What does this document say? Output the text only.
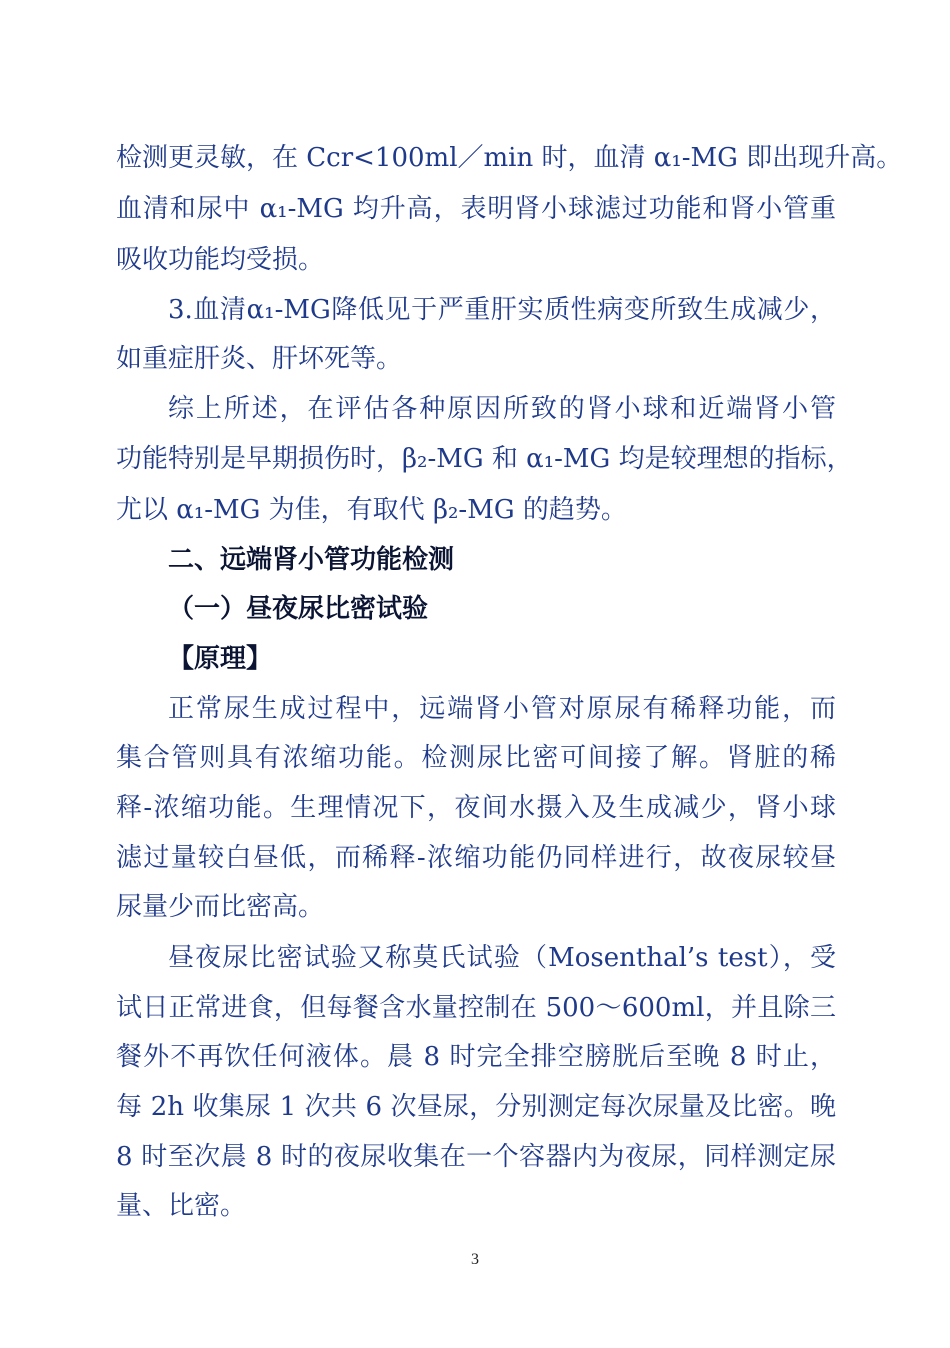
检测更灵敏，在 Ccr<100ml／min 时，血清 α₁-MG 即出现升高。
血清和尿中 α₁-MG 均升高，表明肾小球滤过功能和肾小管重
吸收功能均受损。
3.血清α₁-MG降低见于严重肝实质性病变所致生成减少，
如重症肝炎、肝坏死等。
综上所述，在评估各种原因所致的肾小球和近端肾小管
功能特别是早期损伤时，β₂-MG 和 α₁-MG 均是较理想的指标，
尤以 α₁-MG 为佳，有取代 β₂-MG 的趋势。
二、远端肾小管功能检测
（一）昼夜尿比密试验
【原理】
正常尿生成过程中，远端肾小管对原尿有稀释功能，而
集合管则具有浓缩功能。检测尿比密可间接了解。肾脏的稀
释-浓缩功能。生理情况下，夜间水摄入及生成减少，肾小球
滤过量较白昼低，而稀释-浓缩功能仍同样进行，故夜尿较昼
尿量少而比密高。
昼夜尿比密试验又称莫氏试验（Mosenthal’s test），受
试日正常进食，但每餐含水量控制在 500～600ml，并且除三
餐外不再饮任何液体。晨 8 时完全排空膀胱后至晚 8 时止，
每 2h 收集尿 1 次共 6 次昼尿，分别测定每次尿量及比密。晚
8 时至次晨 8 时的夜尿收集在一个容器内为夜尿，同样测定尿
量、比密。
3
